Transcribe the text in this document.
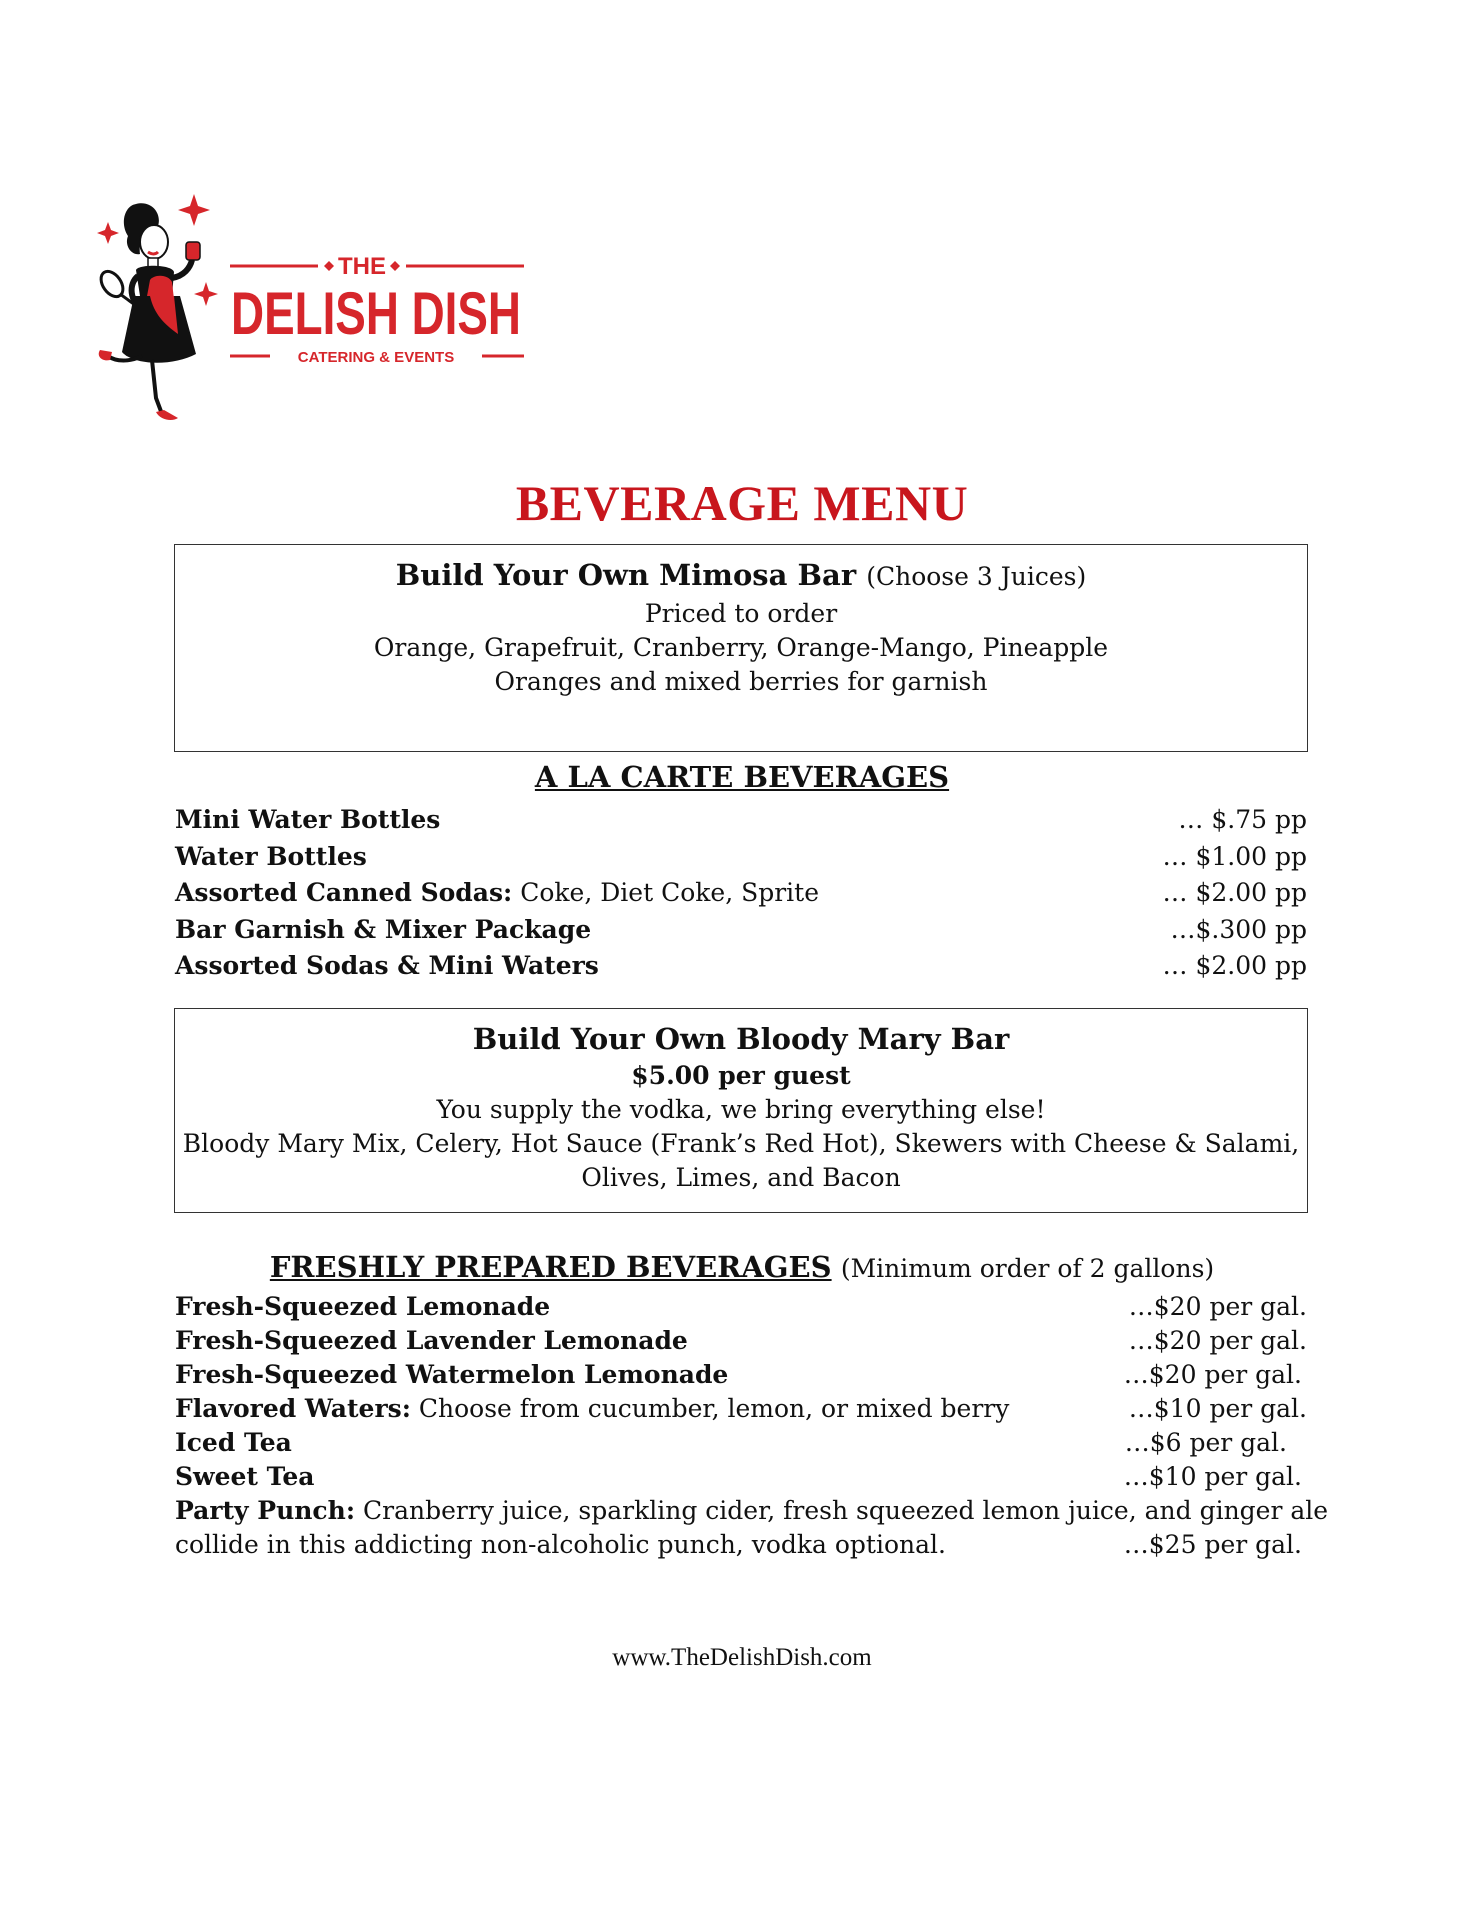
THE
DELISH DISH
CATERING & EVENTS
BEVERAGE MENU
Build Your Own Mimosa Bar (Choose 3 Juices)
Priced to order
Orange, Grapefruit, Cranberry, Orange-Mango, Pineapple
Oranges and mixed berries for garnish
A LA CARTE BEVERAGES
Mini Water Bottles	… $.75 pp
Water Bottles	… $1.00 pp
Assorted Canned Sodas: Coke, Diet Coke, Sprite	… $2.00 pp
Bar Garnish & Mixer Package	…$.300 pp
Assorted Sodas & Mini Waters	… $2.00 pp
Build Your Own Bloody Mary Bar
$5.00 per guest
You supply the vodka, we bring everything else!
Bloody Mary Mix, Celery, Hot Sauce (Frank’s Red Hot), Skewers with Cheese & Salami,
Olives, Limes, and Bacon
FRESHLY PREPARED BEVERAGES (Minimum order of 2 gallons)
Fresh-Squeezed Lemonade	…$20 per gal.
Fresh-Squeezed Lavender Lemonade	…$20 per gal.
Fresh-Squeezed Watermelon Lemonade	…$20 per gal.
Flavored Waters: Choose from cucumber, lemon, or mixed berry	…$10 per gal.
Iced Tea	…$6 per gal.
Sweet Tea	…$10 per gal.
Party Punch: Cranberry juice, sparkling cider, fresh squeezed lemon juice, and ginger ale
collide in this addicting non-alcoholic punch, vodka optional.	…$25 per gal.
www.TheDelishDish.com
